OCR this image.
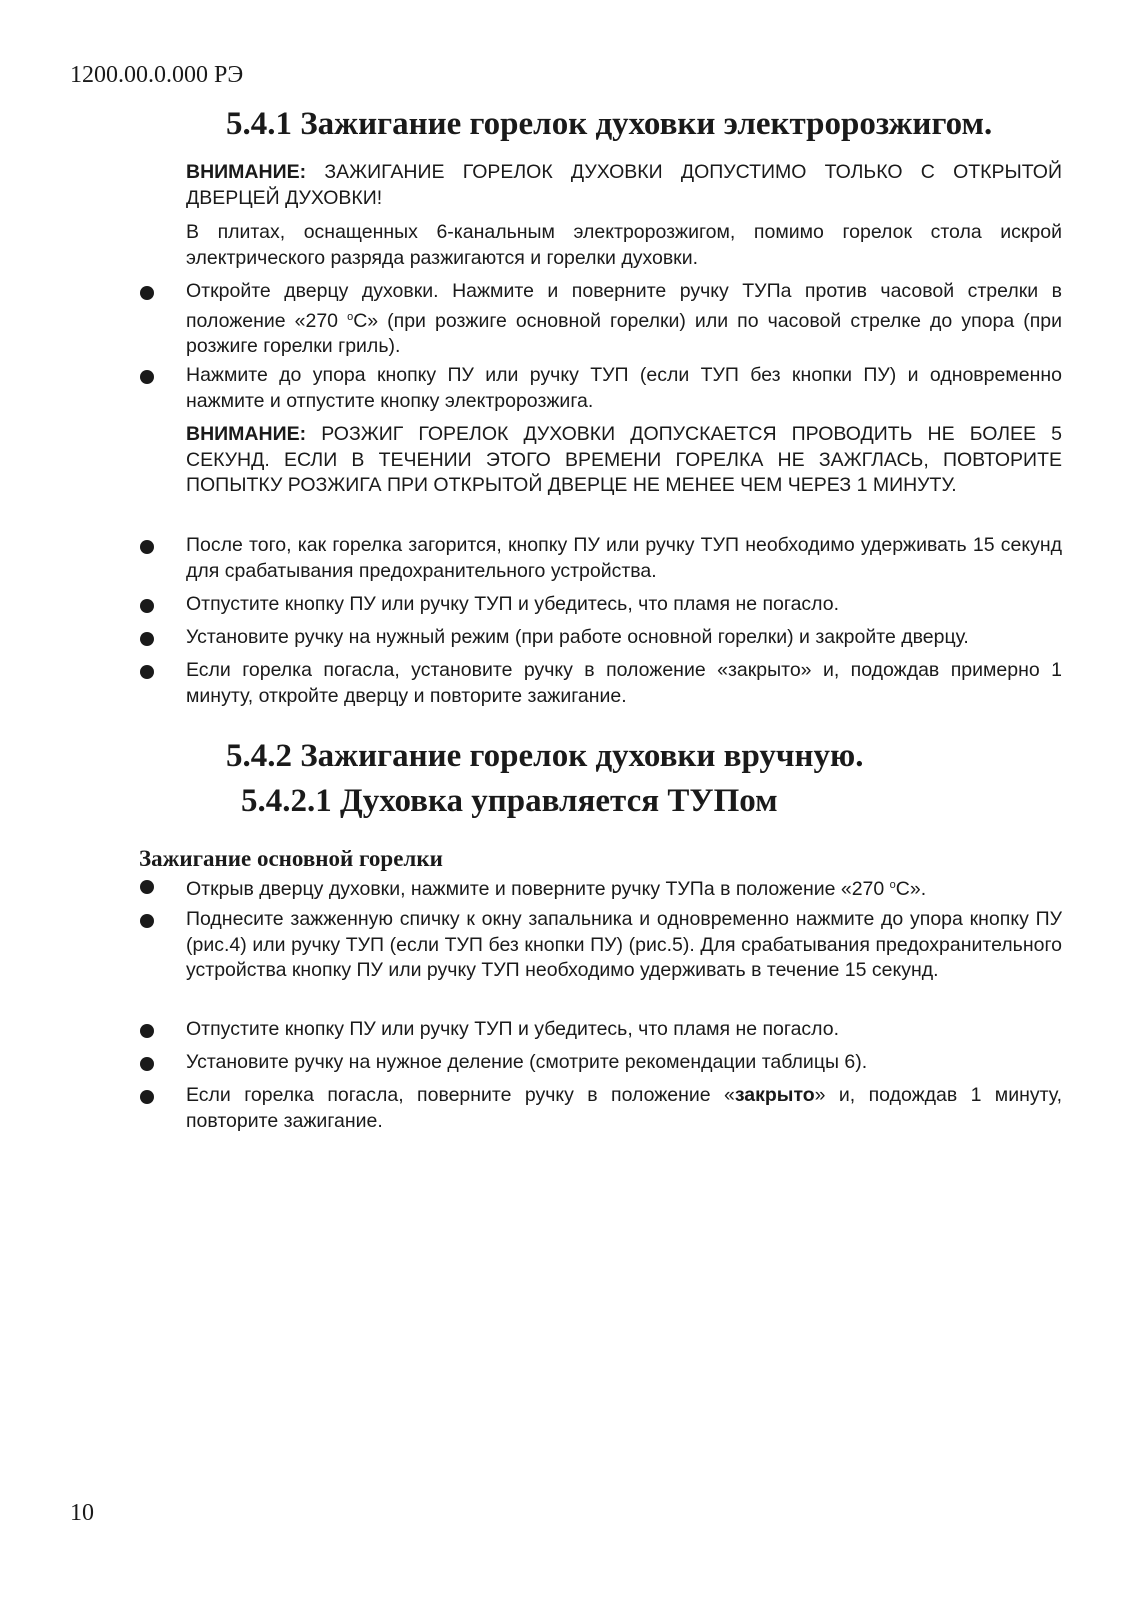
1200.00.0.000 РЭ
5.4.1 Зажигание горелок духовки электророзжигом.
ВНИМАНИЕ: ЗАЖИГАНИЕ ГОРЕЛОК ДУХОВКИ ДОПУСТИМО ТОЛЬКО С ОТКРЫТОЙ ДВЕРЦЕЙ ДУХОВКИ!
В плитах, оснащенных 6-канальным электророзжигом, помимо горелок стола искрой электрического разряда разжигаются и горелки духовки.
Откройте дверцу духовки. Нажмите и поверните ручку ТУПа против часовой стрелки в положение «270 $^о$С» (при розжиге основной горелки) или по часовой стрелке до упора (при розжиге горелки гриль).
Нажмите до упора кнопку ПУ или ручку ТУП (если ТУП без кнопки ПУ) и одновременно нажмите и отпустите кнопку электророзжига.
ВНИМАНИЕ: РОЗЖИГ ГОРЕЛОК ДУХОВКИ ДОПУСКАЕТСЯ ПРОВОДИТЬ НЕ БОЛЕЕ 5 СЕКУНД. ЕСЛИ В ТЕЧЕНИИ ЭТОГО ВРЕМЕНИ ГОРЕЛКА НЕ ЗАЖГЛАСЬ, ПОВТОРИТЕ ПОПЫТКУ РОЗЖИГА ПРИ ОТКРЫТОЙ ДВЕРЦЕ НЕ МЕНЕЕ ЧЕМ ЧЕРЕЗ 1 МИНУТУ.
После того, как горелка загорится, кнопку ПУ или ручку ТУП необходимо удерживать 15 секунд для срабатывания предохранительного устройства.
Отпустите кнопку ПУ или ручку ТУП и убедитесь, что пламя не погасло.
Установите ручку на нужный режим (при работе основной горелки) и закройте дверцу.
Если горелка погасла, установите ручку в положение «закрыто» и, подождав примерно 1 минуту, откройте дверцу и повторите зажигание.
5.4.2 Зажигание горелок духовки вручную.
5.4.2.1 Духовка управляется ТУПом
Зажигание основной горелки
Открыв дверцу духовки, нажмите и поверните ручку ТУПа в положение «270 $^о$С».
Поднесите зажженную спичку к окну запальника и одновременно нажмите до упора кнопку ПУ (рис.4) или ручку ТУП (если ТУП без кнопки ПУ) (рис.5). Для срабатывания предохранительного устройства кнопку ПУ или ручку ТУП необходимо удерживать в течение 15 секунд.
Отпустите кнопку ПУ или ручку ТУП и убедитесь, что пламя не погасло.
Установите ручку на нужное деление (смотрите рекомендации таблицы 6).
Если горелка погасла, поверните ручку в положение «закрыто» и, подождав 1 минуту, повторите зажигание.
10
